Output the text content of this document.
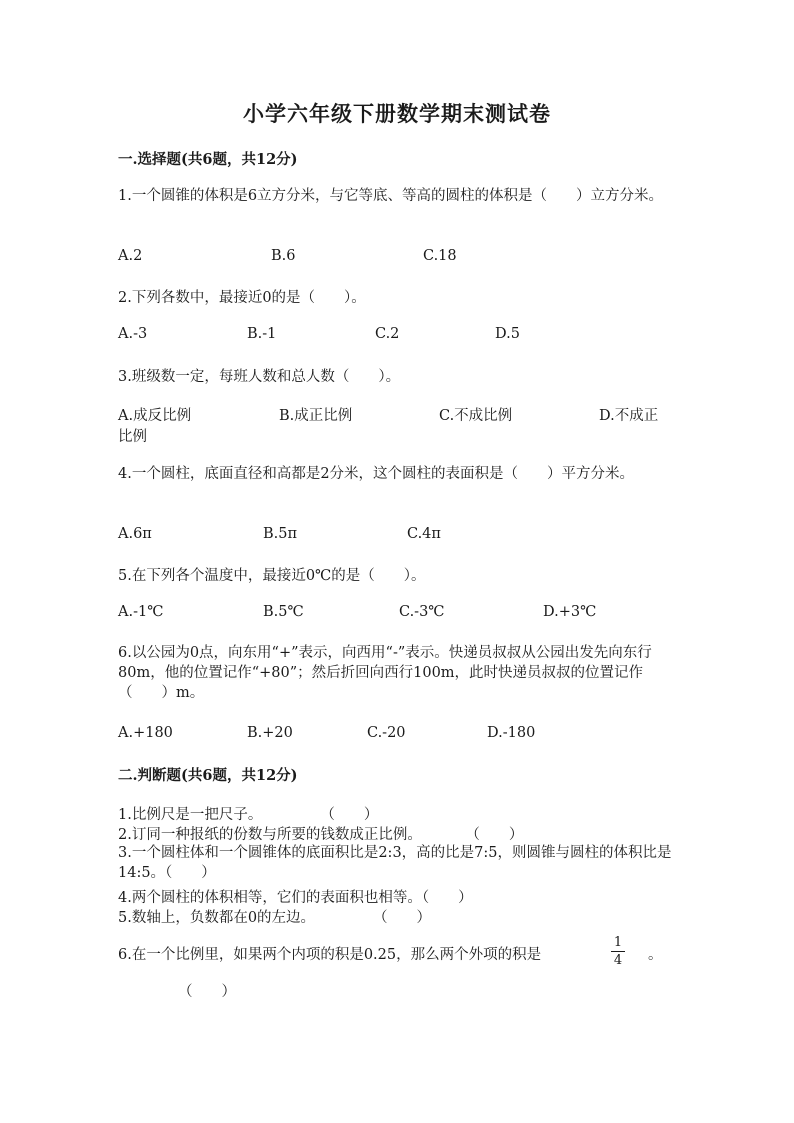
小学六年级下册数学期末测试卷
一.选择题(共6题，共12分)
1.一个圆锥的体积是6立方分米，与它等底、等高的圆柱的体积是（　　）立方分米。
A.2	B.6	C.18
2.下列各数中，最接近0的是（　　）。
A.-3	B.-1	C.2	D.5
3.班级数一定，每班人数和总人数（　　）。
A.成反比例	B.成正比例	C.不成比例	D.不成正
比例
4.一个圆柱，底面直径和高都是2分米，这个圆柱的表面积是（　　）平方分米。
A.6π	B.5π	C.4π
5.在下列各个温度中，最接近0℃的是（　　）。
A.-1℃	B.5℃	C.-3℃	D.+3℃
6.以公园为0点，向东用“+”表示，向西用“-”表示。快递员叔叔从公园出发先向东行80m，他的位置记作“+80”；然后折回向西行100m，此时快递员叔叔的位置记作（　　）m。
A.+180	B.+20	C.-20	D.-180
二.判断题(共6题，共12分)
1.比例尺是一把尺子。　　　　　（　　）
2.订同一种报纸的份数与所要的钱数成正比例。　　　　（　　）
3.一个圆柱体和一个圆锥体的底面积比是2:3，高的比是7:5，则圆锥与圆柱的体积比是14:5。（　　）
4.两个圆柱的体积相等，它们的表面积也相等。（　　）
5.数轴上，负数都在0的左边。　　　　　（　　）
6.在一个比例里，如果两个内项的积是0.25，那么两个外项的积是
1
4 。
（　　）
